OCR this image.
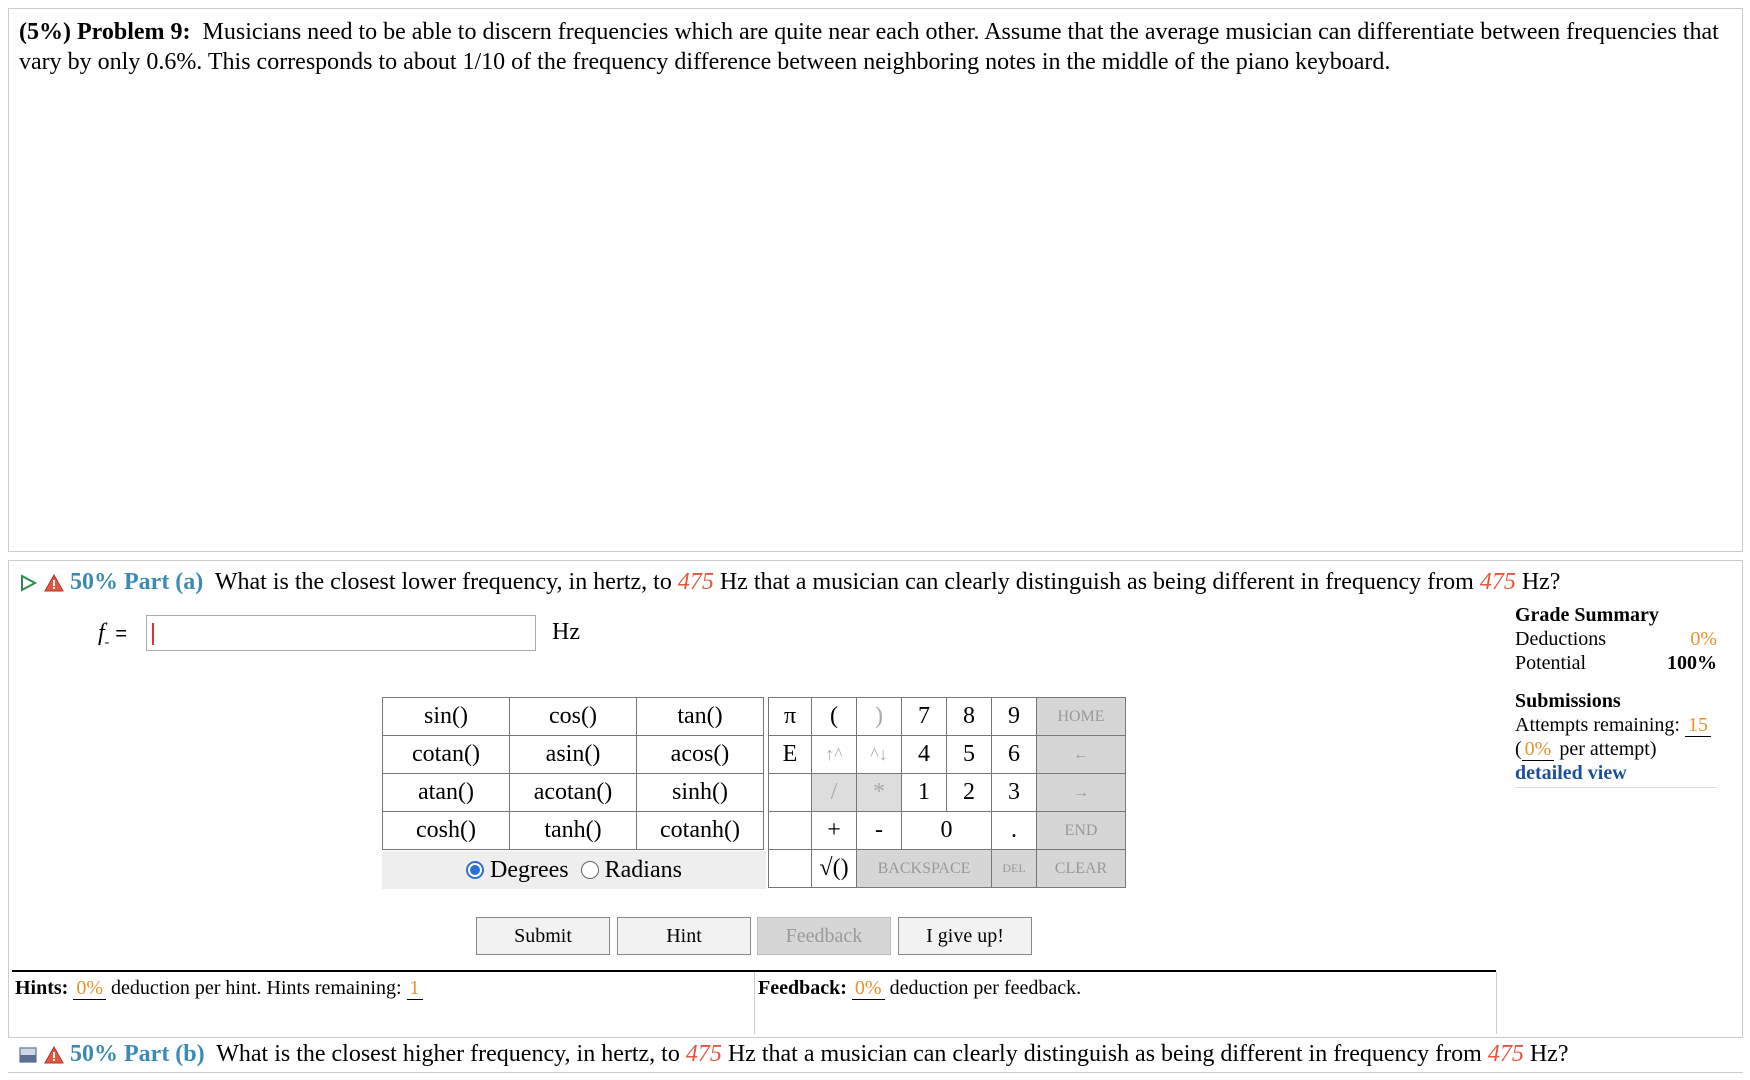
(5%) Problem 9: Musicians need to be able to discern frequencies which are quite near each other. Assume that the average musician can differentiate between frequencies that vary by only 0.6%. This corresponds to about 1/10 of the frequency difference between neighboring notes in the middle of the piano keyboard.
50% Part (a) What is the closest lower frequency, in hertz, to 475 Hz that a musician can clearly distinguish as being different in frequency from 475 Hz?
$f_-$ =	Hz
Grade Summary
Deductions	0%
Potential	100%
Submissions
Attempts remaining: 15
( 0% per attempt)
detailed view
sin()	cos()	tan()
cotan()	asin()	acos()
atan()	acotan()	sinh()
cosh()	tanh()	cotanh()
Degrees Radians
π	(	)	7	8	9	HOME
E	↑^	^↓	4	5	6	←
	/	*	1	2	3	→
	+	-	0		.	END
	√()	BACKSPACE			DEL	CLEAR
Submit	Hint	Feedback	I give up!
Hints: 0% deduction per hint. Hints remaining: 1	Feedback: 0% deduction per feedback.
50% Part (b) What is the closest higher frequency, in hertz, to 475 Hz that a musician can clearly distinguish as being different in frequency from 475 Hz?
